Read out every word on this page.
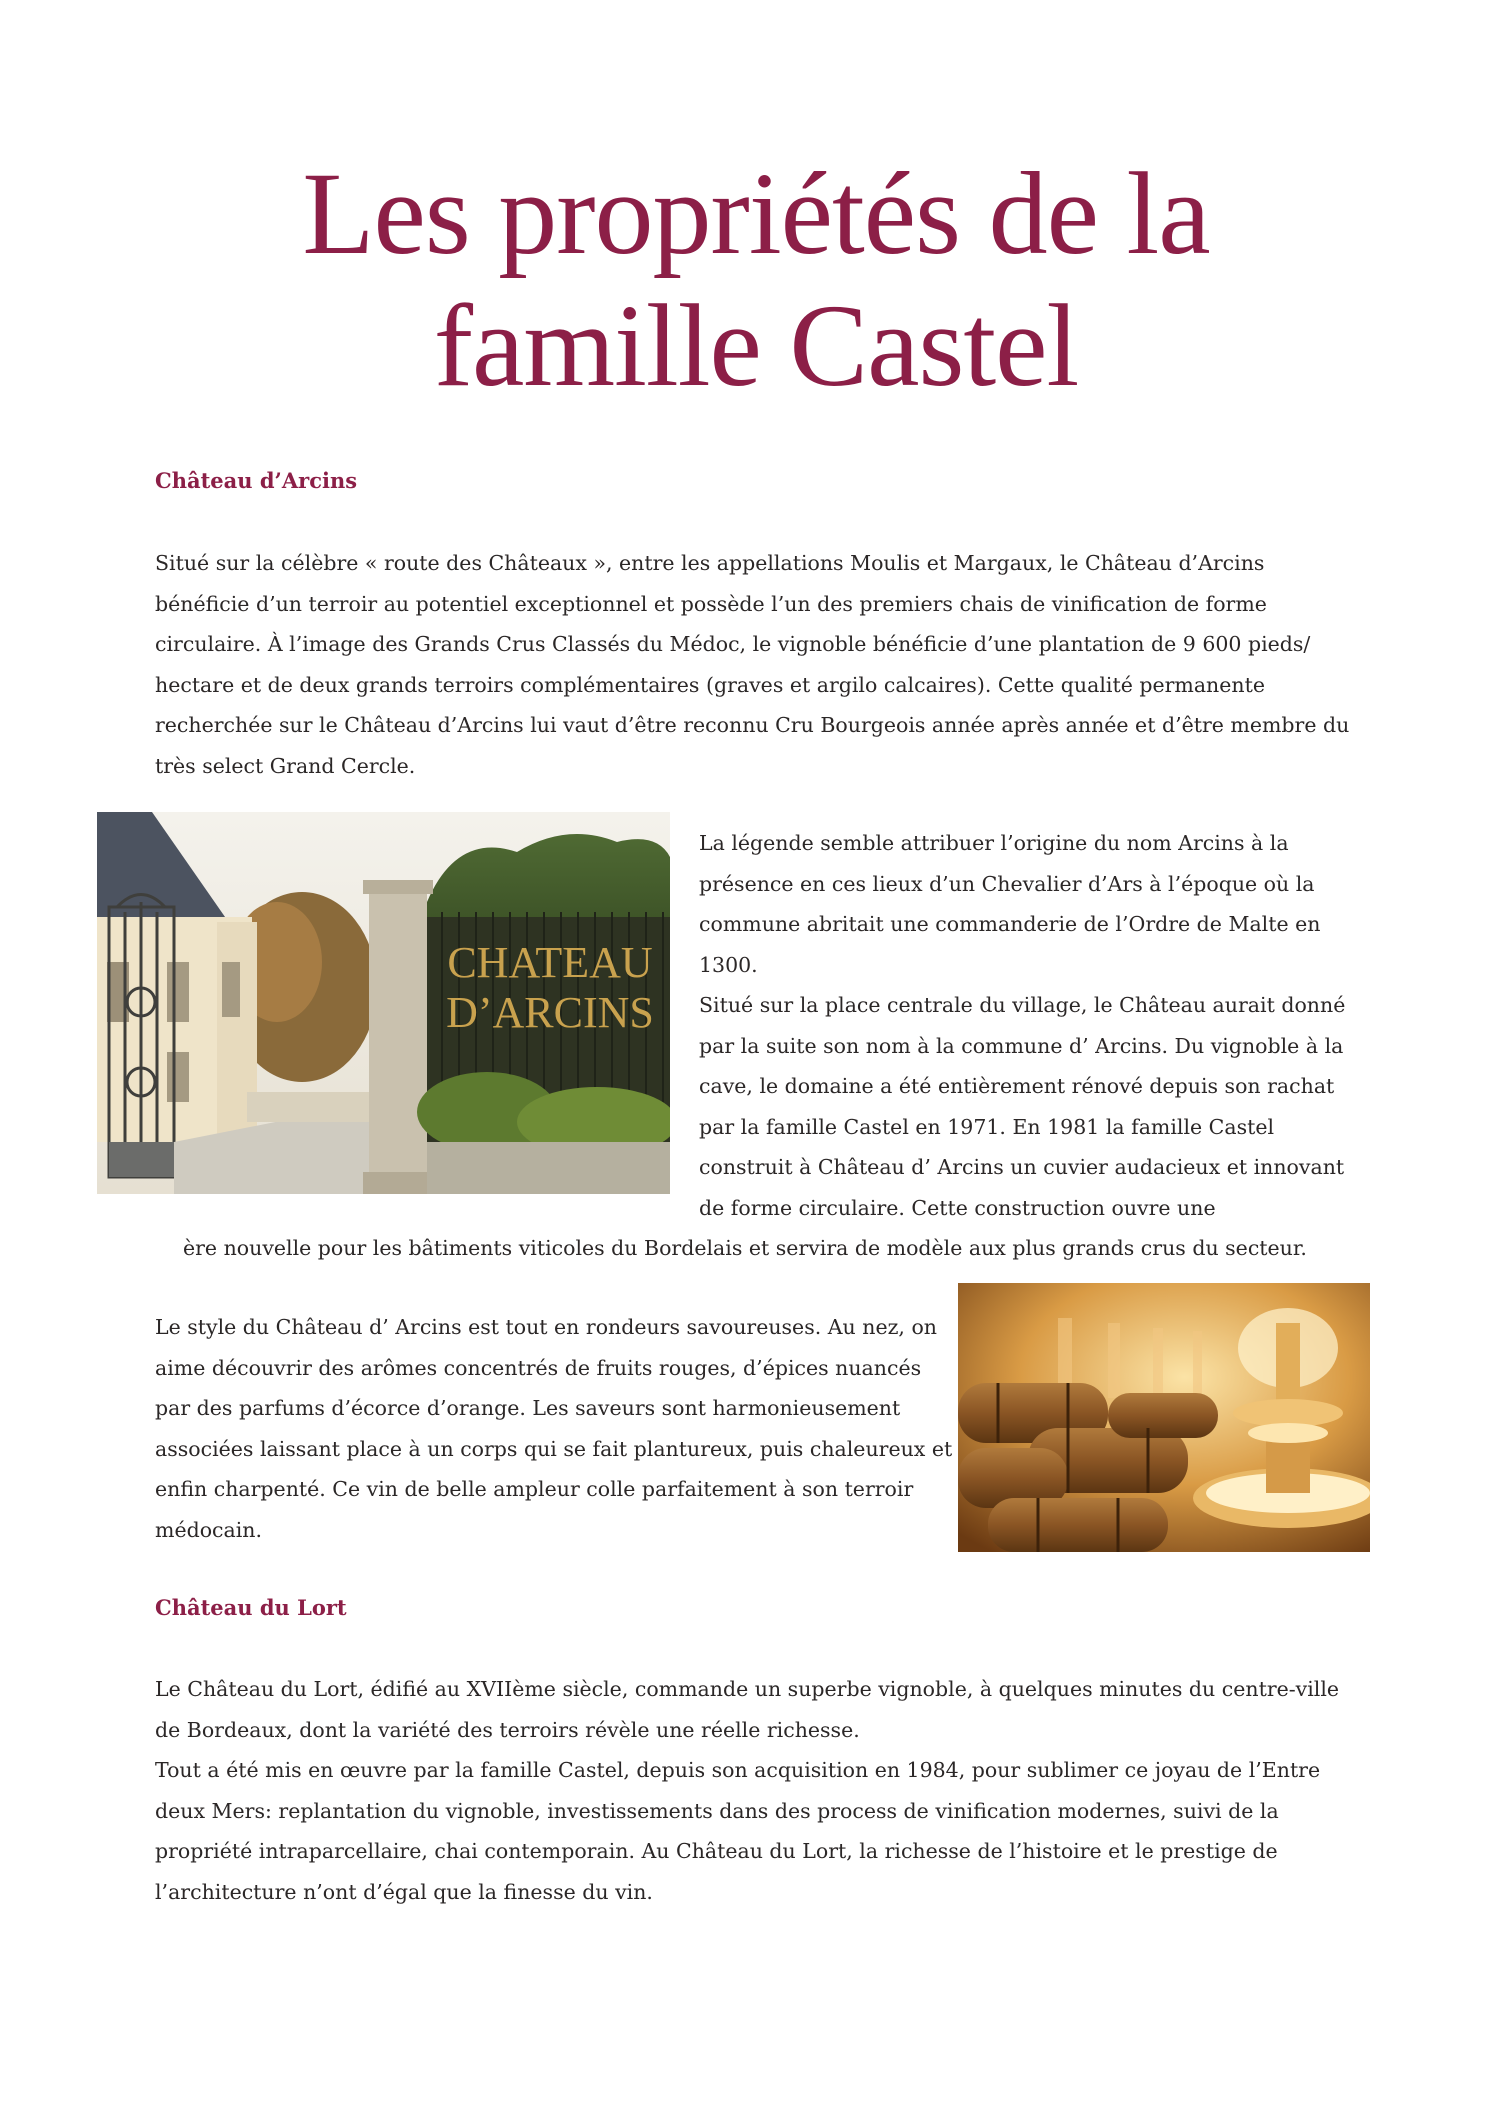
Les propriétés de la
famille Castel
Château d’Arcins

Situé sur la célèbre « route des Châteaux », entre les appellations Moulis et Margaux, le Château d’Arcins bénéficie d’un terroir au potentiel exceptionnel et possède l’un des premiers chais de vinification de forme circulaire. À l’image des Grands Crus Classés du Médoc, le vignoble bénéficie d’une plantation de 9 600 pieds/ hectare et de deux grands terroirs complémentaires (graves et argilo calcaires). Cette qualité permanente recherchée sur le Château d’Arcins lui vaut d’être reconnu Cru Bourgeois année après année et d’être membre du très select Grand Cercle.

CHATEAU
D’ARCINS

La légende semble attribuer l’origine du nom Arcins à la présence en ces lieux d’un Chevalier d’Ars à l’époque où la commune abritait une commanderie de l’Ordre de Malte en 1300.

Situé sur la place centrale du village, le Château aurait donné par la suite son nom à la commune d’ Arcins. Du vignoble à la cave, le domaine a été entièrement rénové depuis son rachat par la famille Castel en 1971. En 1981 la famille Castel construit à Château d’ Arcins un cuvier audacieux et innovant de forme circulaire. Cette construction ouvre une

ère nouvelle pour les bâtiments viticoles du Bordelais et servira de modèle aux plus grands crus du secteur.

Le style du Château d’ Arcins est tout en rondeurs savoureuses. Au nez, on aime découvrir des arômes concentrés de fruits rouges, d’épices nuancés par des parfums d’écorce d’orange. Les saveurs sont harmonieusement associées laissant place à un corps qui se fait plantureux, puis chaleureux et enfin charpenté. Ce vin de belle ampleur colle parfaitement à son terroir médocain.

Château du Lort

Le Château du Lort, édifié au XVIIème siècle, commande un superbe vignoble, à quelques minutes du centre-ville de Bordeaux, dont la variété des terroirs révèle une réelle richesse.

Tout a été mis en œuvre par la famille Castel, depuis son acquisition en 1984, pour sublimer ce joyau de l’Entre deux Mers: replantation du vignoble, investissements dans des process de vinification modernes, suivi de la propriété intraparcellaire, chai contemporain. Au Château du Lort, la richesse de l’histoire et le prestige de l’architecture n’ont d’égal que la finesse du vin.
